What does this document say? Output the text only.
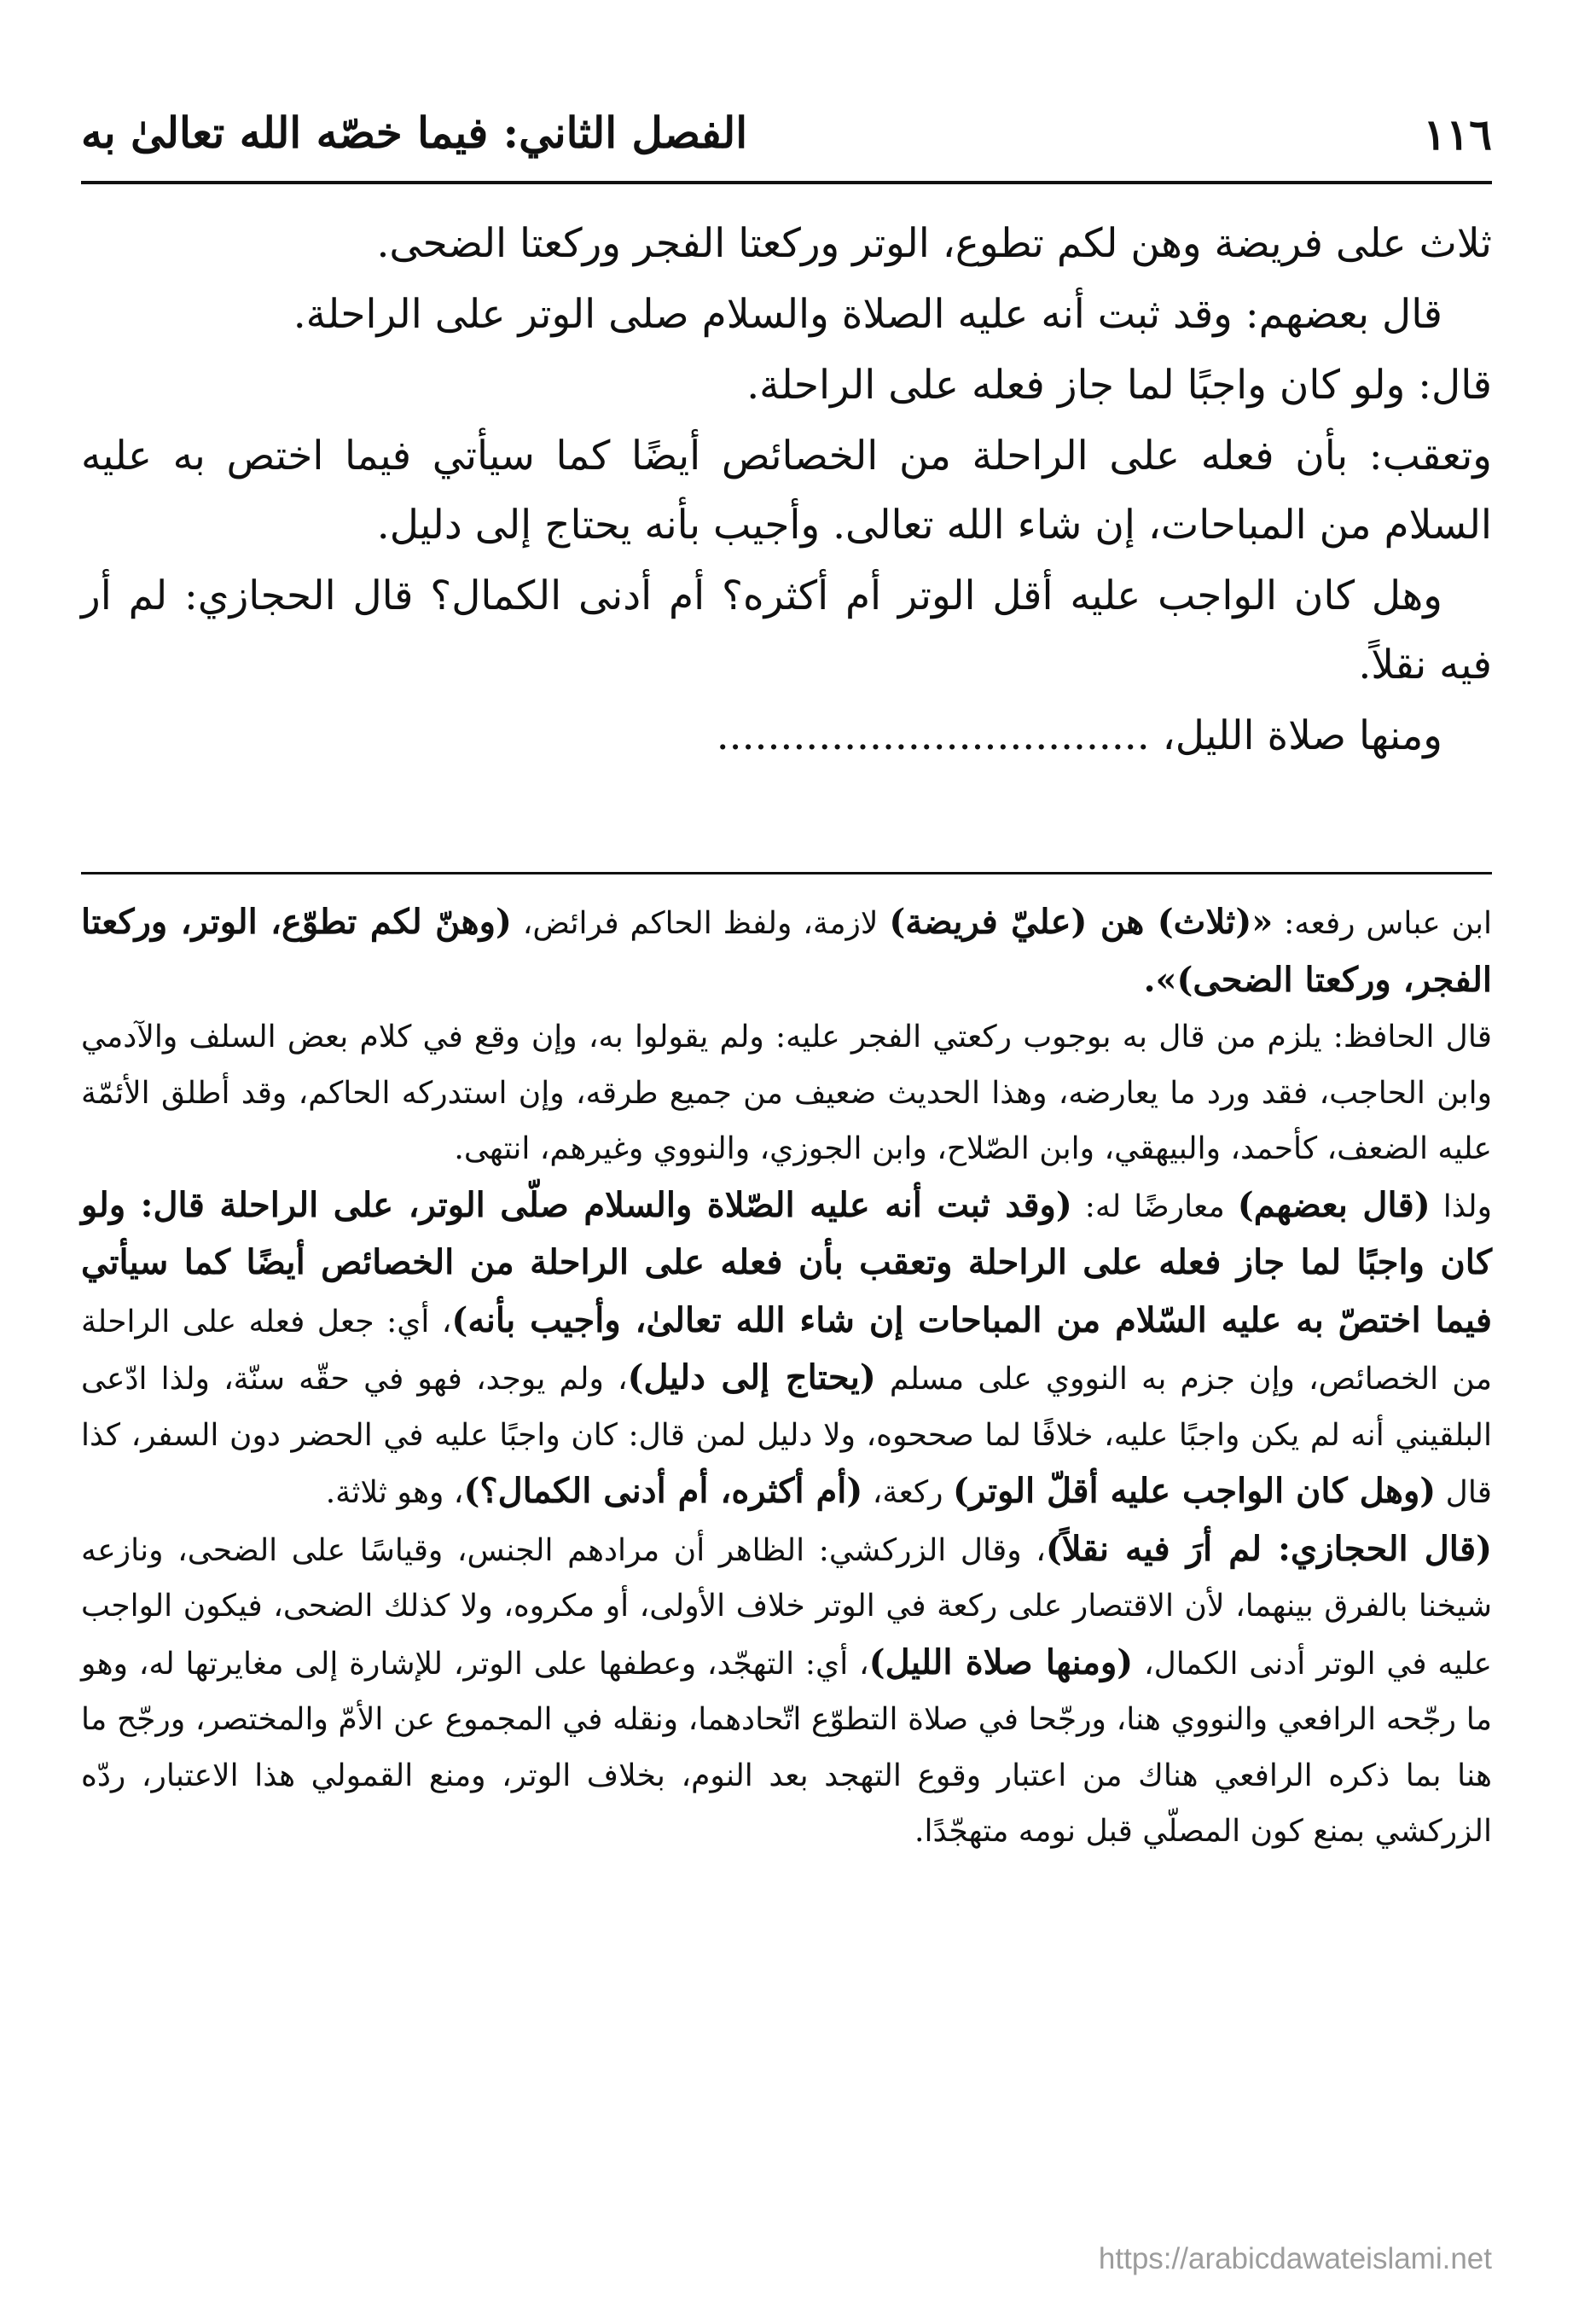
١١٦
الفصل الثاني: فيما خصّه الله تعالىٰ به

ثلاث على فريضة وهن لكم تطوع، الوتر وركعتا الفجر وركعتا الضحى.

قال بعضهم: وقد ثبت أنه عليه الصلاة والسلام صلى الوتر على الراحلة.

قال: ولو كان واجبًا لما جاز فعله على الراحلة.

وتعقب: بأن فعله على الراحلة من الخصائص أيضًا كما سيأتي فيما اختص به عليه السلام من المباحات، إن شاء الله تعالى. وأجيب بأنه يحتاج إلى دليل.

وهل كان الواجب عليه أقل الوتر أم أكثره؟ أم أدنى الكمال؟ قال الحجازي: لم أر فيه نقلاً.

ومنها صلاة الليل، ..................................

ابن عباس رفعه: «(ثلاث) هن (عليّ فريضة) لازمة، ولفظ الحاكم فرائض، (وهنّ لكم تطوّع، الوتر، وركعتا الفجر، وركعتا الضحى)».

قال الحافظ: يلزم من قال به بوجوب ركعتي الفجر عليه: ولم يقولوا به، وإن وقع في كلام بعض السلف والآدمي وابن الحاجب، فقد ورد ما يعارضه، وهذا الحديث ضعيف من جميع طرقه، وإن استدركه الحاكم، وقد أطلق الأئمّة عليه الضعف، كأحمد، والبيهقي، وابن الصّلاح، وابن الجوزي، والنووي وغيرهم، انتهى.

ولذا (قال بعضهم) معارضًا له: (وقد ثبت أنه عليه الصّلاة والسلام صلّى الوتر، على الراحلة قال: ولو كان واجبًا لما جاز فعله على الراحلة وتعقب بأن فعله على الراحلة من الخصائص أيضًا كما سيأتي فيما اختصّ به عليه السّلام من المباحات إن شاء الله تعالىٰ، وأجيب بأنه)، أي: جعل فعله على الراحلة من الخصائص، وإن جزم به النووي على مسلم (يحتاج إلى دليل)، ولم يوجد، فهو في حقّه سنّة، ولذا ادّعى البلقيني أنه لم يكن واجبًا عليه، خلافًا لما صححوه، ولا دليل لمن قال: كان واجبًا عليه في الحضر دون السفر، كذا قال (وهل كان الواجب عليه أقلّ الوتر) ركعة، (أم أكثره، أم أدنى الكمال؟)، وهو ثلاثة.

(قال الحجازي: لم أرَ فيه نقلاً)، وقال الزركشي: الظاهر أن مرادهم الجنس، وقياسًا على الضحى، ونازعه شيخنا بالفرق بينهما، لأن الاقتصار على ركعة في الوتر خلاف الأولى، أو مكروه، ولا كذلك الضحى، فيكون الواجب عليه في الوتر أدنى الكمال، (ومنها صلاة الليل)، أي: التهجّد، وعطفها على الوتر، للإشارة إلى مغايرتها له، وهو ما رجّحه الرافعي والنووي هنا، ورجّحا في صلاة التطوّع اتّحادهما، ونقله في المجموع عن الأمّ والمختصر، ورجّح ما هنا بما ذكره الرافعي هناك من اعتبار وقوع التهجد بعد النوم، بخلاف الوتر، ومنع القمولي هذا الاعتبار، ردّه الزركشي بمنع كون المصلّي قبل نومه متهجّدًا.

https://arabicdawateislami.net
